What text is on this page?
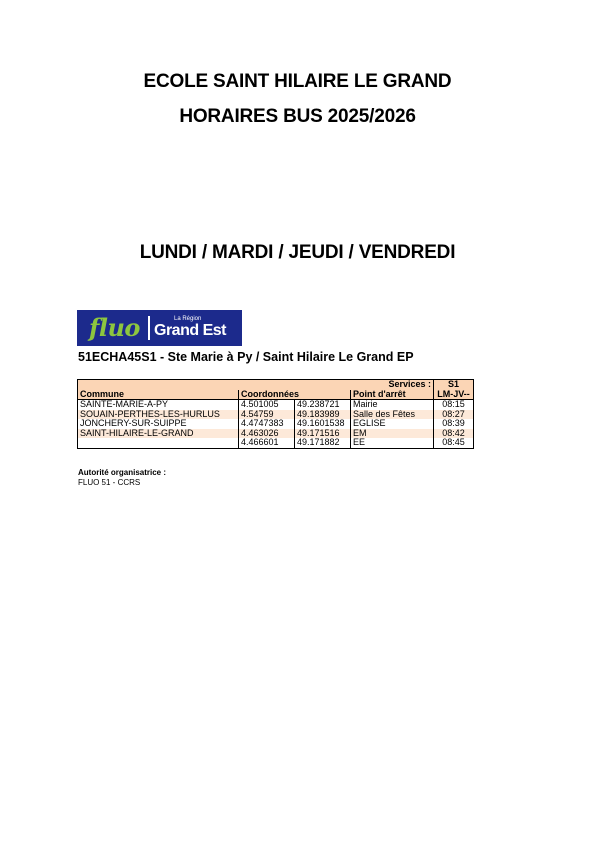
ECOLE SAINT HILAIRE LE GRAND
HORAIRES BUS 2025/2026
LUNDI / MARDI / JEUDI / VENDREDI
fluo	La Région
Grand Est
51ECHA45S1 - Ste Marie à Py / Saint Hilaire Le Grand EP
Services :				S1
Commune	Coordonnées		Point d'arrêt	LM-JV--
SAINTE-MARIE-A-PY	4.501005	49.238721	Mairie	08:15
SOUAIN-PERTHES-LES-HURLUS	4.54759	49.183989	Salle des Fêtes	08:27
JONCHERY-SUR-SUIPPE	4.4747383	49.1601538	EGLISE	08:39
SAINT-HILAIRE-LE-GRAND	4.463026	49.171516	EM	08:42
	4.466601	49.171882	EE	08:45
Autorité organisatrice :
FLUO 51 - CCRS
